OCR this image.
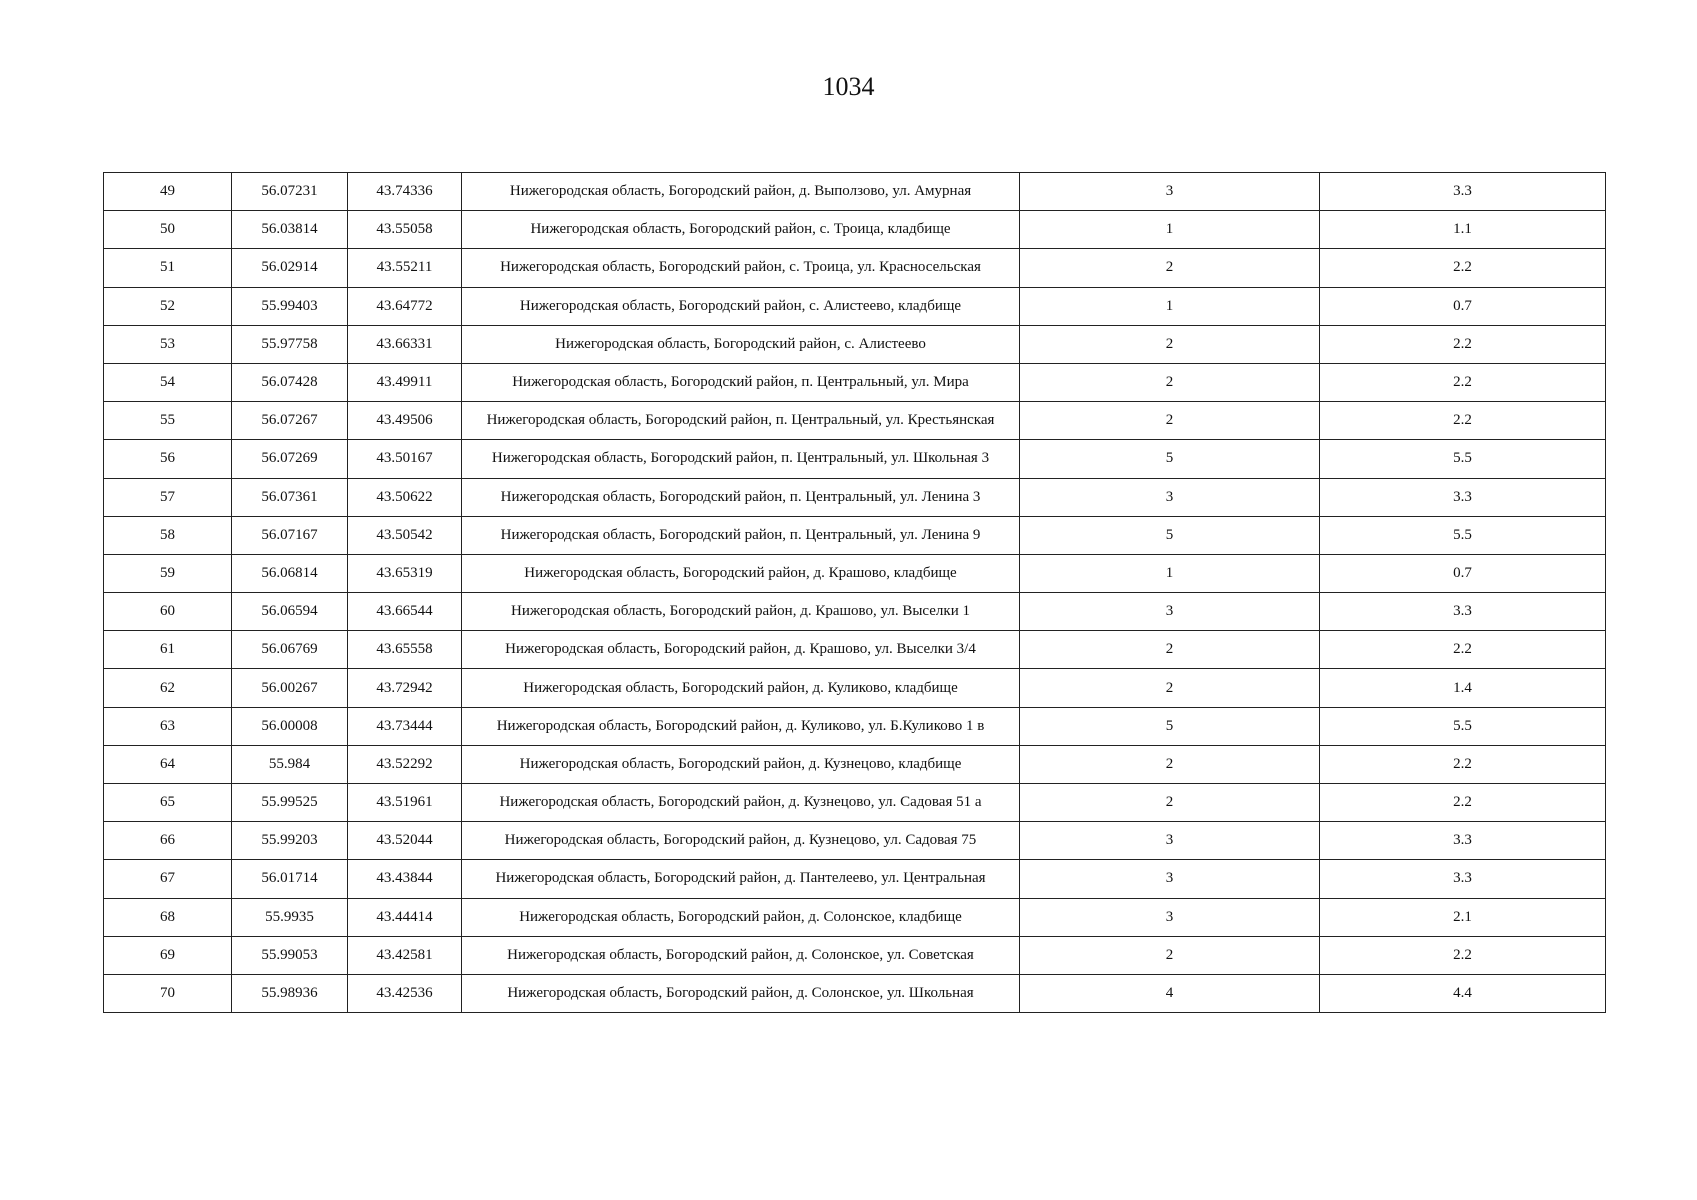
1034
49	56.07231	43.74336	Нижегородская область, Богородский район, д. Выползово, ул. Амурная	3	3.3
50	56.03814	43.55058	Нижегородская область, Богородский район, с. Троица, кладбище	1	1.1
51	56.02914	43.55211	Нижегородская область, Богородский район, с. Троица, ул. Красносельская	2	2.2
52	55.99403	43.64772	Нижегородская область, Богородский район, с. Алистеево, кладбище	1	0.7
53	55.97758	43.66331	Нижегородская область, Богородский район, с. Алистеево	2	2.2
54	56.07428	43.49911	Нижегородская область, Богородский район, п. Центральный, ул. Мира	2	2.2
55	56.07267	43.49506	Нижегородская область, Богородский район, п. Центральный, ул. Крестьянская	2	2.2
56	56.07269	43.50167	Нижегородская область, Богородский район, п. Центральный, ул. Школьная 3	5	5.5
57	56.07361	43.50622	Нижегородская область, Богородский район, п. Центральный, ул. Ленина 3	3	3.3
58	56.07167	43.50542	Нижегородская область, Богородский район, п. Центральный, ул. Ленина 9	5	5.5
59	56.06814	43.65319	Нижегородская область, Богородский район, д. Крашово, кладбище	1	0.7
60	56.06594	43.66544	Нижегородская область, Богородский район, д. Крашово, ул. Выселки 1	3	3.3
61	56.06769	43.65558	Нижегородская область, Богородский район, д. Крашово, ул. Выселки 3/4	2	2.2
62	56.00267	43.72942	Нижегородская область, Богородский район, д. Куликово, кладбище	2	1.4
63	56.00008	43.73444	Нижегородская область, Богородский район, д. Куликово, ул. Б.Куликово 1 в	5	5.5
64	55.984	43.52292	Нижегородская область, Богородский район, д. Кузнецово, кладбище	2	2.2
65	55.99525	43.51961	Нижегородская область, Богородский район, д. Кузнецово, ул. Садовая 51 а	2	2.2
66	55.99203	43.52044	Нижегородская область, Богородский район, д. Кузнецово, ул. Садовая 75	3	3.3
67	56.01714	43.43844	Нижегородская область, Богородский район, д. Пантелеево, ул. Центральная	3	3.3
68	55.9935	43.44414	Нижегородская область, Богородский район, д. Солонское, кладбище	3	2.1
69	55.99053	43.42581	Нижегородская область, Богородский район, д. Солонское, ул. Советская	2	2.2
70	55.98936	43.42536	Нижегородская область, Богородский район, д. Солонское, ул. Школьная	4	4.4
